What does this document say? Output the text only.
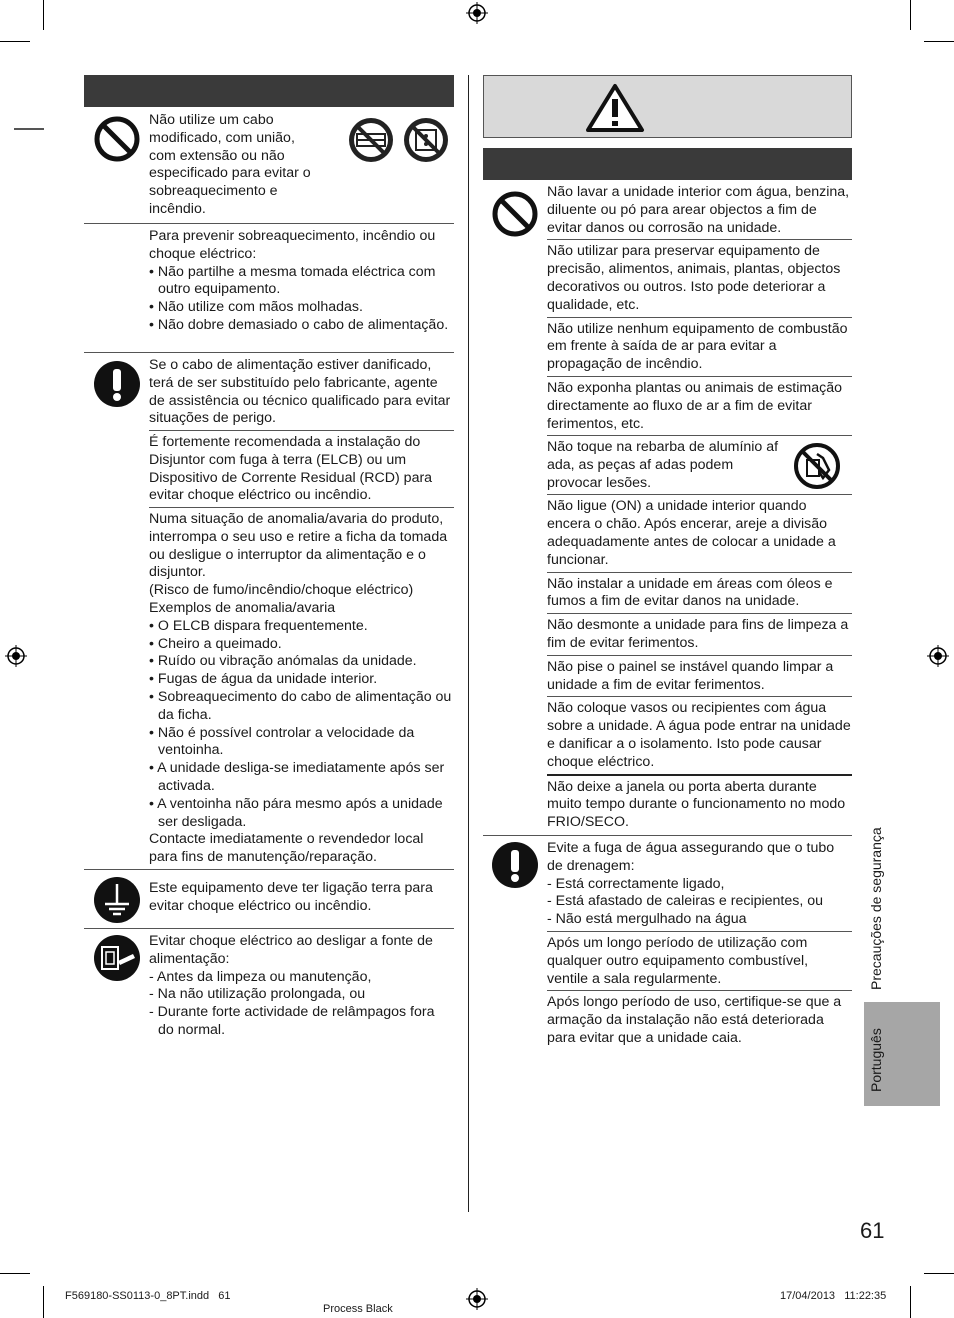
Não utilize um cabo modificado, com união, com extensão ou não especificado para evitar o sobreaquecimento e incêndio.
Para prevenir sobreaquecimento, incêndio ou choque eléctrico:
• Não partilhe a mesma tomada eléctrica com outro equipamento.
• Não utilize com mãos molhadas.
• Não dobre demasiado o cabo de alimentação.
Se o cabo de alimentação estiver danificado, terá de ser substituído pelo fabricante, agente de assistência ou técnico qualificado para evitar situações de perigo.
É fortemente recomendada a instalação do Disjuntor com fuga à terra (ELCB) ou um Dispositivo de Corrente Residual (RCD) para evitar choque eléctrico ou incêndio.
Numa situação de anomalia/avaria do produto, interrompa o seu uso e retire a ficha da tomada ou desligue o interruptor da alimentação e o disjuntor.
(Risco de fumo/incêndio/choque eléctrico)
Exemplos de anomalia/avaria
• O ELCB dispara frequentemente.
• Cheiro a queimado.
• Ruído ou vibração anómalas da unidade.
• Fugas de água da unidade interior.
• Sobreaquecimento do cabo de alimentação ou da ficha.
• Não é possível controlar a velocidade da ventoinha.
• A unidade desliga-se imediatamente após ser activada.
• A ventoinha não pára mesmo após a unidade ser desligada.
Contacte imediatamente o revendedor local para fins de manutenção/reparação.
Este equipamento deve ter ligação terra para evitar choque eléctrico ou incêndio.
Evitar choque eléctrico ao desligar a fonte de alimentação:
- Antes da limpeza ou manutenção,
- Na não utilização prolongada, ou
- Durante forte actividade de relâmpagos fora do normal.
Não lavar a unidade interior com água, benzina, diluente ou pó para arear objectos a fim de evitar danos ou corrosão na unidade.
Não utilizar para preservar equipamento de precisão, alimentos, animais, plantas, objectos decorativos ou outros. Isto pode deteriorar a qualidade, etc.
Não utilize nenhum equipamento de combustão em frente à saída de ar para evitar a propagação de incêndio.
Não exponha plantas ou animais de estimação directamente ao fluxo de ar a fim de evitar ferimentos, etc.
Não toque na rebarba de alumínio af ada, as peças af adas podem provocar lesões.
Não ligue (ON) a unidade interior quando encera o chão. Após encerar, areje a divisão adequadamente antes de colocar a unidade a funcionar.
Não instalar a unidade em áreas com óleos e fumos a fim de evitar danos na unidade.
Não desmonte a unidade para fins de limpeza a fim de evitar ferimentos.
Não pise o painel se instável quando limpar a unidade a fim de evitar ferimentos.
Não coloque vasos ou recipientes com água sobre a unidade. A água pode entrar na unidade e danificar a o isolamento. Isto pode causar choque eléctrico.
Não deixe a janela ou porta aberta durante muito tempo durante o funcionamento no modo FRIO/SECO.
Evite a fuga de água assegurando que o tubo de drenagem:
- Está correctamente ligado,
- Está afastado de caleiras e recipientes, ou
- Não está mergulhado na água
Após um longo período de utilização com qualquer outro equipamento combustível, ventile a sala regularmente.
Após longo período de uso, certifique-se que a armação da instalação não está deteriorada para evitar que a unidade caia.
Precauções de segurança
Português
61
F569180-SS0113-0_8PT.indd   61
Process Black
17/04/2013   11:22:35
